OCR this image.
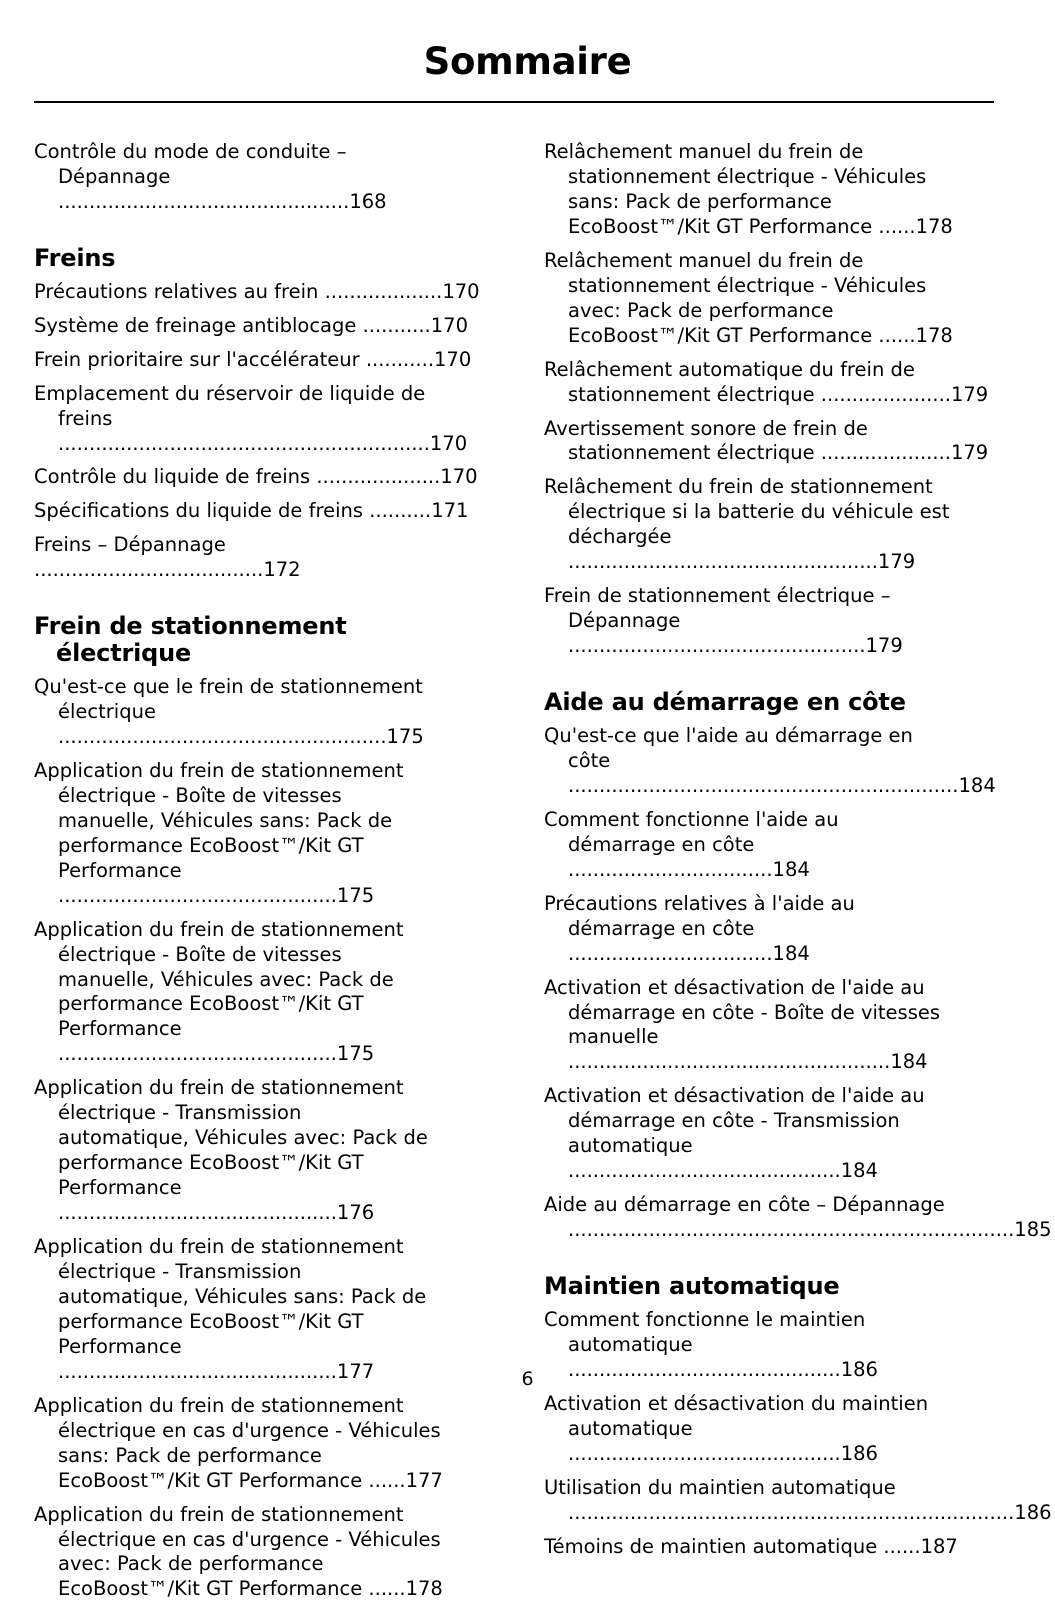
Sommaire
Contrôle du mode de conduite –
Dépannage ...............................................168
Freins
Précautions relatives au frein ...................170
Système de freinage antiblocage ...........170
Frein prioritaire sur l'accélérateur ...........170
Emplacement du réservoir de liquide de
freins ............................................................170
Contrôle du liquide de freins ....................170
Spécifications du liquide de freins ..........171
Freins – Dépannage .....................................172
Frein de stationnement
électrique
Qu'est-ce que le frein de stationnement
électrique .....................................................175
Application du frein de stationnement
électrique - Boîte de vitesses
manuelle, Véhicules sans: Pack de
performance EcoBoost™/Kit GT
Performance .............................................175
Application du frein de stationnement
électrique - Boîte de vitesses
manuelle, Véhicules avec: Pack de
performance EcoBoost™/Kit GT
Performance .............................................175
Application du frein de stationnement
électrique - Transmission
automatique, Véhicules avec: Pack de
performance EcoBoost™/Kit GT
Performance .............................................176
Application du frein de stationnement
électrique - Transmission
automatique, Véhicules sans: Pack de
performance EcoBoost™/Kit GT
Performance .............................................177
Application du frein de stationnement
électrique en cas d'urgence - Véhicules
sans: Pack de performance
EcoBoost™/Kit GT Performance ......177
Application du frein de stationnement
électrique en cas d'urgence - Véhicules
avec: Pack de performance
EcoBoost™/Kit GT Performance ......178
Relâchement manuel du frein de
stationnement électrique - Véhicules
sans: Pack de performance
EcoBoost™/Kit GT Performance ......178
Relâchement manuel du frein de
stationnement électrique - Véhicules
avec: Pack de performance
EcoBoost™/Kit GT Performance ......178
Relâchement automatique du frein de
stationnement électrique .....................179
Avertissement sonore de frein de
stationnement électrique .....................179
Relâchement du frein de stationnement
électrique si la batterie du véhicule est
déchargée ..................................................179
Frein de stationnement électrique –
Dépannage ................................................179
Aide au démarrage en côte
Qu'est-ce que l'aide au démarrage en
côte ...............................................................184
Comment fonctionne l'aide au
démarrage en côte .................................184
Précautions relatives à l'aide au
démarrage en côte .................................184
Activation et désactivation de l'aide au
démarrage en côte - Boîte de vitesses
manuelle ....................................................184
Activation et désactivation de l'aide au
démarrage en côte - Transmission
automatique ............................................184
Aide au démarrage en côte – Dépannage
........................................................................185
Maintien automatique
Comment fonctionne le maintien
automatique ............................................186
Activation et désactivation du maintien
automatique ............................................186
Utilisation du maintien automatique
........................................................................186
Témoins de maintien automatique ......187
6
